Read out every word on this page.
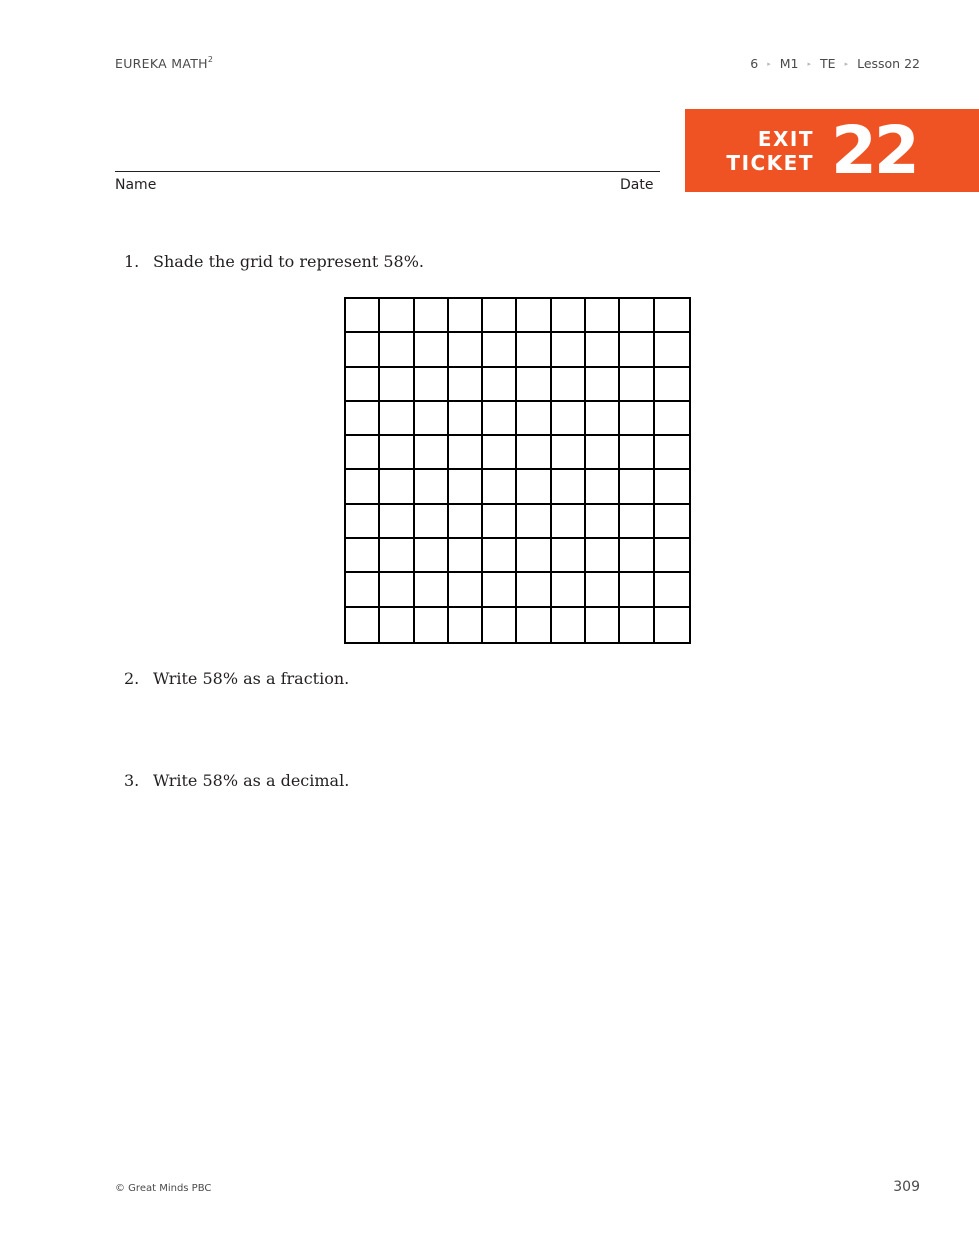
EUREKA MATH$^2$	6 ▸ M1 ▸ TE ▸ Lesson 22
Name	Date
EXIT
TICKET 22
1. Shade the grid to represent 58%.
2. Write 58% as a fraction.
3. Write 58% as a decimal.
© Great Minds PBC	309
